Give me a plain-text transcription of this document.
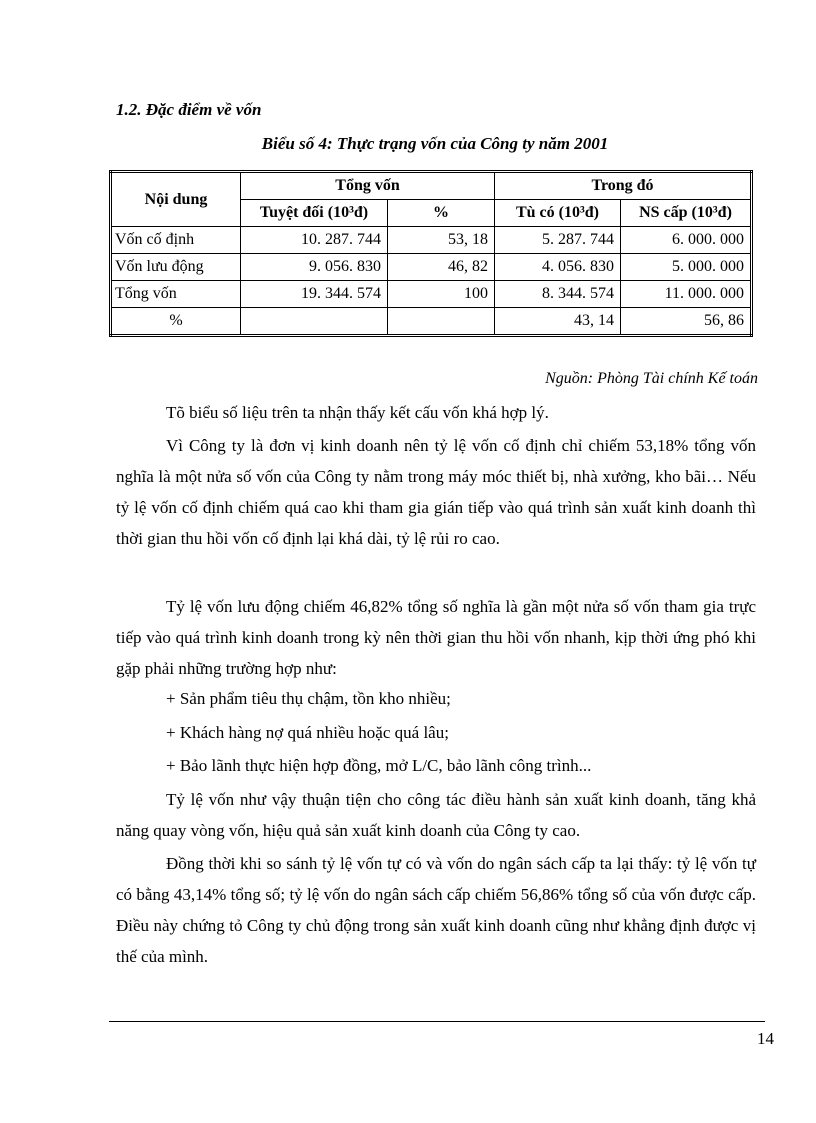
1.2. Đặc điểm về vốn
Biểu số 4: Thực trạng vốn của Công ty năm 2001
Nội dung	Tổng vốn		Trong đó	
	Tuyệt đối (10³đ)	%	Tù có (10³đ)	NS cấp (10³đ)
Vốn cố định	10. 287. 744	53, 18	5. 287. 744	6. 000. 000
Vốn lưu động	9. 056. 830	46, 82	4. 056. 830	5. 000. 000
Tổng vốn	19. 344. 574	100	8. 344. 574	11. 000. 000
%			43, 14	56, 86
Nguồn: Phòng Tài chính Kế toán

Tõ biểu số liệu trên ta nhận thấy kết cấu vốn khá hợp lý.

Vì Công ty là đơn vị kinh doanh nên tỷ lệ vốn cố định chỉ chiếm 53,18% tổng vốn nghĩa là một nửa số vốn của Công ty nằm trong máy móc thiết bị, nhà xưởng, kho bãi… Nếu tỷ lệ vốn cố định chiếm quá cao khi tham gia gián tiếp vào quá trình sản xuất kinh doanh thì thời gian thu hồi vốn cố định lại khá dài, tỷ lệ rủi ro cao.

Tỷ lệ vốn lưu động chiếm 46,82% tổng số nghĩa là gần một nửa số vốn tham gia trực tiếp vào quá trình kinh doanh trong kỳ nên thời gian thu hồi vốn nhanh, kịp thời ứng phó khi gặp phải những trường hợp như:

+ Sản phẩm tiêu thụ chậm, tồn kho nhiều;
+ Khách hàng nợ quá nhiều hoặc quá lâu;
+ Bảo lãnh thực hiện hợp đồng, mở L/C, bảo lãnh công trình...

Tỷ lệ vốn như vậy thuận tiện cho công tác điều hành sản xuất kinh doanh, tăng khả năng quay vòng vốn, hiệu quả sản xuất kinh doanh của Công ty cao.

Đồng thời khi so sánh tỷ lệ vốn tự có và vốn do ngân sách cấp ta lại thấy: tỷ lệ vốn tự có bằng 43,14% tổng số; tỷ lệ vốn do ngân sách cấp chiếm 56,86% tổng số của vốn được cấp. Điều này chứng tỏ Công ty chủ động trong sản xuất kinh doanh cũng như khẳng định được vị thế của mình.

14
